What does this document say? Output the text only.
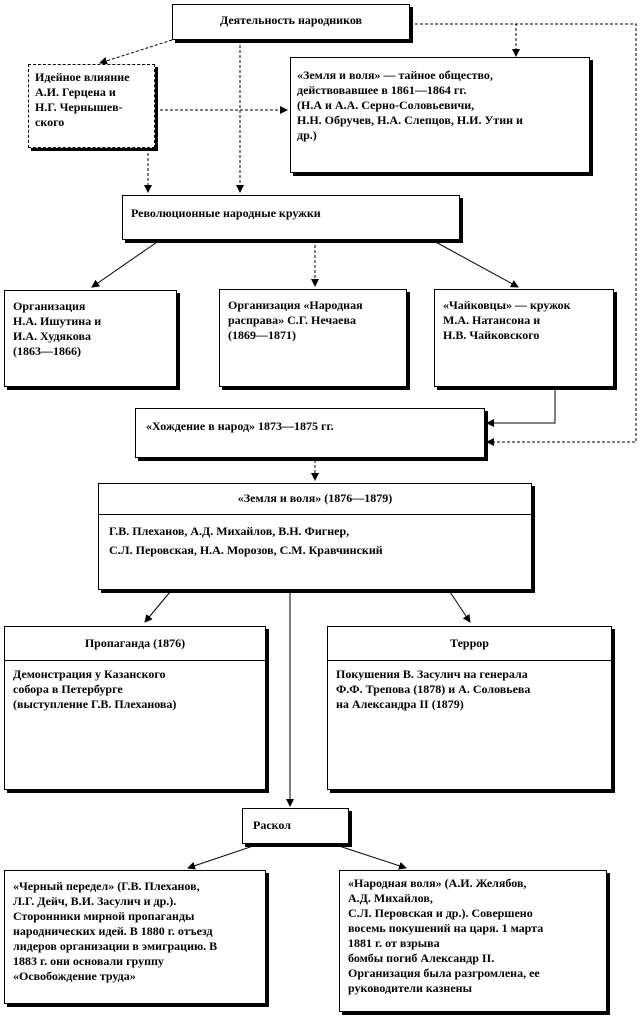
Деятельность народников
Идейное влияние
А.И. Герцена и
Н.Г. Чернышев-
ского
«Земля и воля» — тайное общество,
действовавшее в 1861—1864 гг.
(Н.А и А.А. Серно-Соловьевичи,
Н.Н. Обручев, Н.А. Слепцов, Н.И. Утин и
др.)
Революционные народные кружки
Организация
Н.А. Ишутина и
И.А. Худякова
(1863—1866)
Организация «Народная
расправа» С.Г. Нечаева
(1869—1871)
«Чайковцы» — кружок
М.А. Натансона и
Н.В. Чайковского
«Хождение в народ» 1873—1875 гг.
«Земля и воля» (1876—1879)
Г.В. Плеханов, А.Д. Михайлов, В.Н. Фигнер,
С.Л. Перовская, Н.А. Морозов, С.М. Кравчинский
Пропаганда (1876)
Демонстрация у Казанского
собора в Петербурге
(выступление Г.В. Плеханова)
Террор
Покушения В. Засулич на генерала
Ф.Ф. Трепова (1878) и А. Соловьева
на Александра II (1879)
Раскол
«Черный передел» (Г.В. Плеханов,
Л.Г. Дейч, В.И. Засулич и др.).
Сторонники мирной пропаганды
народнических идей. В 1880 г. отъезд
лидеров организации в эмиграцию. В
1883 г. они основали группу
«Освобождение труда»
«Народная воля» (А.И. Желябов,
А.Д. Михайлов,
С.Л. Перовская и др.). Совершено
восемь покушений на царя. 1 марта
1881 г. от взрыва
бомбы погиб Александр II.
Организация была разгромлена, ее
руководители казнены
